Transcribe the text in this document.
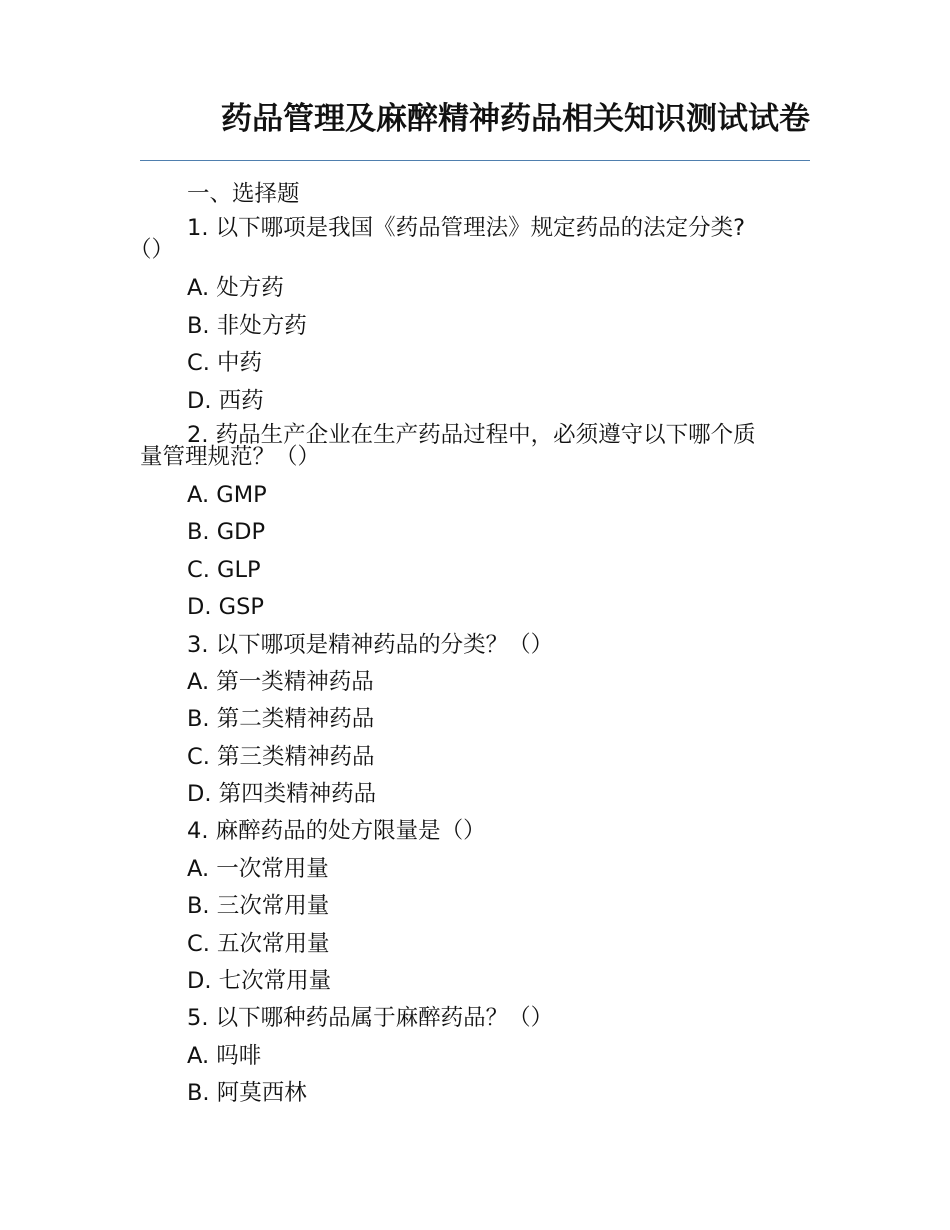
药品管理及麻醉精神药品相关知识测试试卷
一、选择题
1. 以下哪项是我国《药品管理法》规定药品的法定分类?
（）
A. 处方药
B. 非处方药
C. 中药
D. 西药
2. 药品生产企业在生产药品过程中，必须遵守以下哪个质
量管理规范？（）
A. GMP
B. GDP
C. GLP
D. GSP
3. 以下哪项是精神药品的分类？（）
A. 第一类精神药品
B. 第二类精神药品
C. 第三类精神药品
D. 第四类精神药品
4. 麻醉药品的处方限量是（）
A. 一次常用量
B. 三次常用量
C. 五次常用量
D. 七次常用量
5. 以下哪种药品属于麻醉药品？（）
A. 吗啡
B. 阿莫西林
